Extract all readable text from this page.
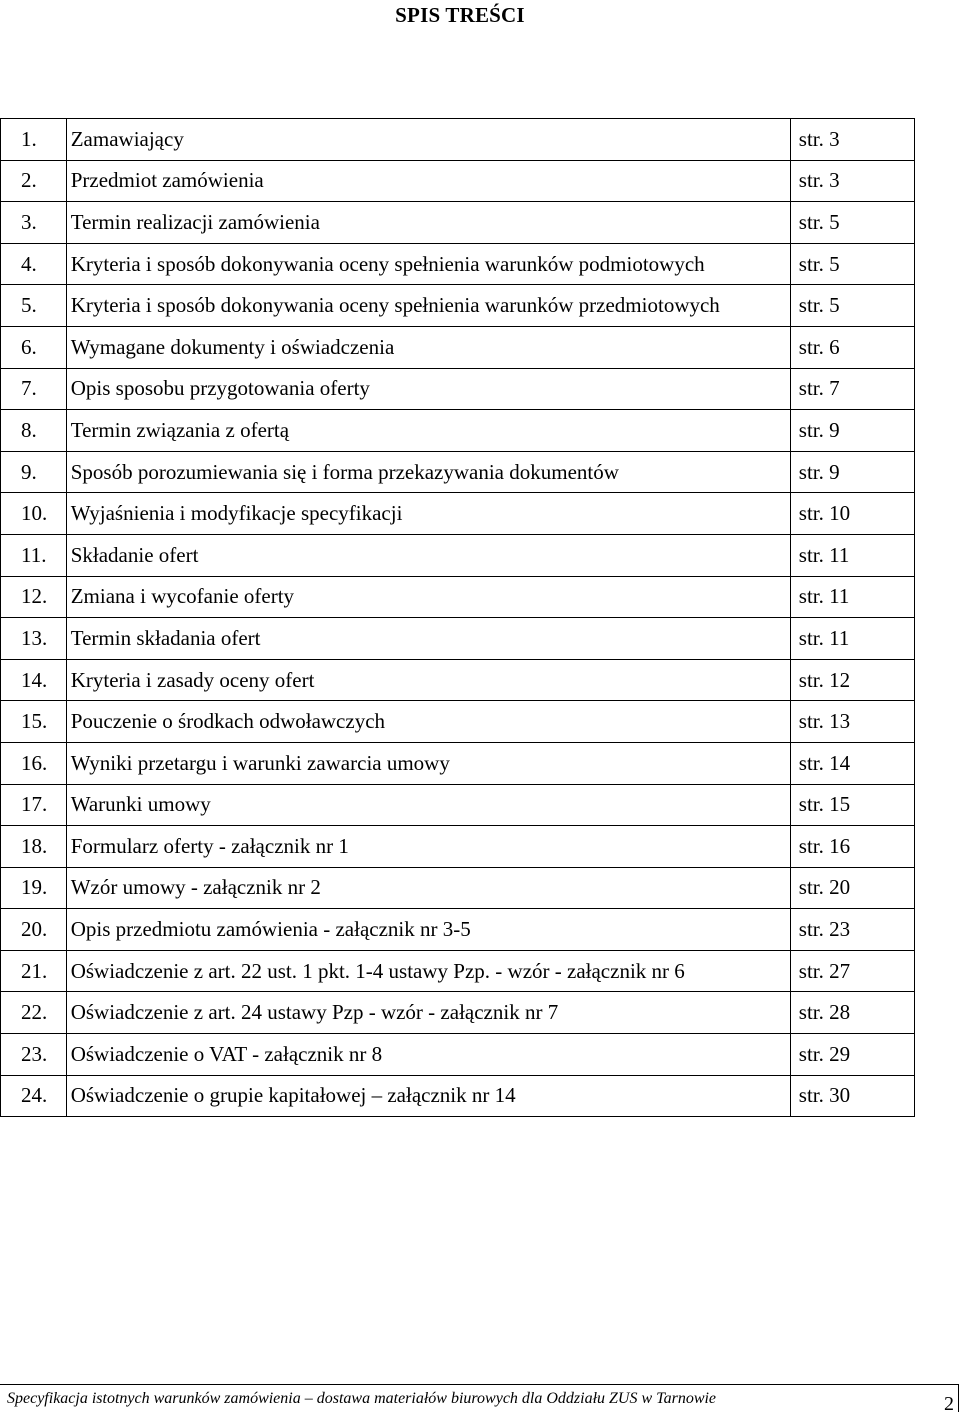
SPIS TREŚCI
1.	Zamawiający	str. 3
2.	Przedmiot zamówienia	str. 3
3.	Termin realizacji zamówienia	str. 5
4.	Kryteria i sposób dokonywania oceny spełnienia warunków podmiotowych	str. 5
5.	Kryteria i sposób dokonywania oceny spełnienia warunków przedmiotowych	str. 5
6.	Wymagane dokumenty i oświadczenia	str. 6
7.	Opis sposobu przygotowania oferty	str. 7
8.	Termin związania z ofertą	str. 9
9.	Sposób porozumiewania się i forma przekazywania dokumentów	str. 9
10.	Wyjaśnienia i modyfikacje specyfikacji	str. 10
11.	Składanie ofert	str. 11
12.	Zmiana i wycofanie oferty	str. 11
13.	Termin składania ofert	str. 11
14.	Kryteria i zasady oceny ofert	str. 12
15.	Pouczenie o środkach odwoławczych	str. 13
16.	Wyniki przetargu i warunki zawarcia umowy	str. 14
17.	Warunki umowy	str. 15
18.	Formularz oferty - załącznik nr 1	str. 16
19.	Wzór umowy - załącznik nr 2	str. 20
20.	Opis przedmiotu zamówienia - załącznik nr 3-5	str. 23
21.	Oświadczenie z art. 22 ust. 1 pkt. 1-4 ustawy Pzp. - wzór - załącznik nr 6	str. 27
22.	Oświadczenie z art. 24 ustawy Pzp - wzór - załącznik nr 7	str. 28
23.	Oświadczenie o VAT - załącznik nr 8	str. 29
24.	Oświadczenie o grupie kapitałowej – załącznik nr 14	str. 30
Specyfikacja istotnych warunków zamówienia – dostawa materiałów biurowych dla Oddziału ZUS w Tarnowie	2
